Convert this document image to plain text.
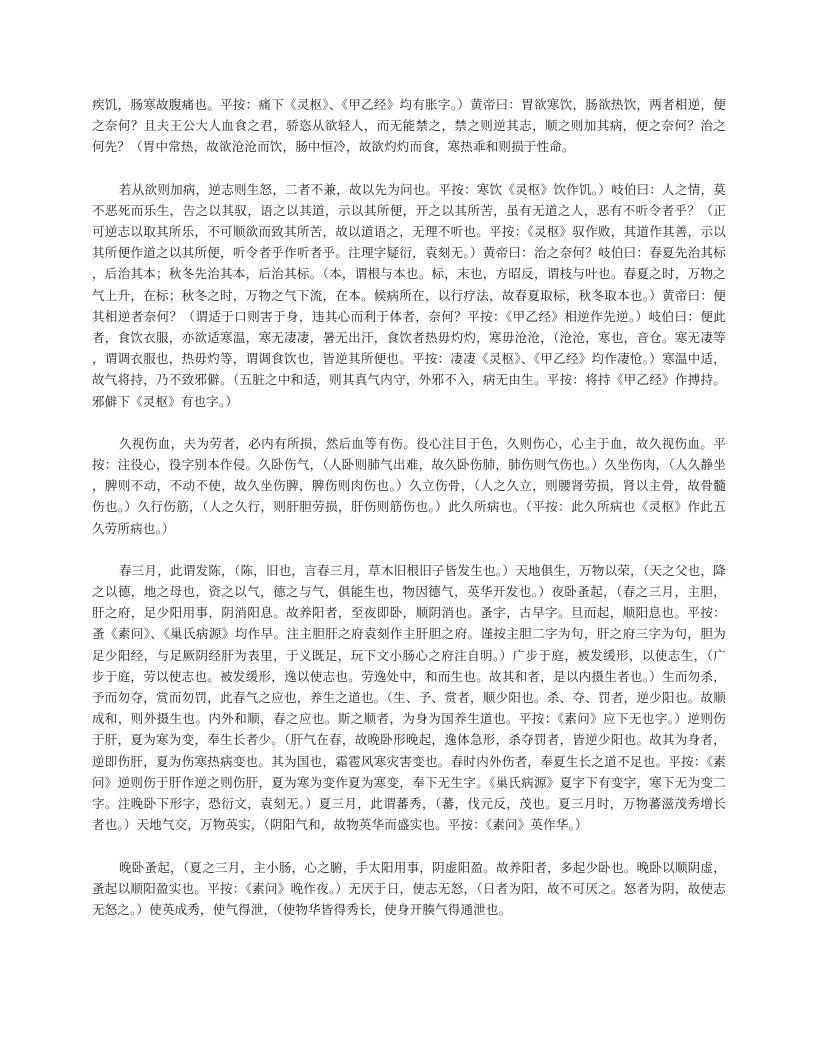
疾饥，肠寒故腹痛也。平按：痛下《灵枢》、《甲乙经》均有胀字。）黄帝曰：胃欲寒饮，肠欲热饮，两者相逆，便之奈何？且夫王公大人血食之君，骄恣从欲轻人，而无能禁之，禁之则逆其志，顺之则加其病，便之奈何？治之何先？（胃中常热，故欲沧沧而饮，肠中恒冷，故欲灼灼而食，寒热乖和则损于性命。

若从欲则加病，逆志则生怒，二者不兼，故以先为问也。平按：寒饮《灵枢》饮作饥。）岐伯曰：人之情，莫不恶死而乐生，告之以其驭，语之以其道，示以其所便，开之以其所苦，虽有无道之人，恶有不听令者乎？（正可逆志以取其所乐，不可顺欲而致其所苦，故以道语之，无理不听也。平按：《灵枢》驭作败，其道作其善，示以其所便作道之以其所便，听令者乎作听者乎。注理字疑衍，袁刻无。）黄帝曰：治之奈何？岐伯曰：春夏先治其标，后治其本；秋冬先治其本，后治其标。（本，谓根与本也。标，末也，方昭反，谓枝与叶也。春夏之时，万物之气上升，在标；秋冬之时，万物之气下流，在本。候病所在，以行疗法，故春夏取标，秋冬取本也。）黄帝曰：便其相逆者奈何？（谓适于口则害于身，违其心而利于体者，奈何？平按：《甲乙经》相逆作先逆。）岐伯曰：便此者，食饮衣服，亦欲适寒温，寒无凄凄，暑无出汗，食饮者热毋灼灼，寒毋沧沧，（沧沧，寒也，音仓。寒无凄等，谓调衣服也，热毋灼等，谓调食饮也，皆逆其所便也。平按：凄凄《灵枢》、《甲乙经》均作凄怆。）寒温中适，故气将持，乃不致邪僻。（五脏之中和适，则其真气内守，外邪不入，病无由生。平按：将持《甲乙经》作搏持。邪僻下《灵枢》有也字。）

久视伤血，夫为劳者，必内有所损，然后血等有伤。役心注目于色，久则伤心，心主于血，故久视伤血。平按：注役心，役字别本作侵。久卧伤气，（人卧则肺气出难，故久卧伤肺，肺伤则气伤也。）久坐伤肉，（人久静坐，脾则不动，不动不使，故久坐伤脾，脾伤则肉伤也。）久立伤骨，（人之久立，则腰肾劳损，肾以主骨，故骨髓伤也。）久行伤筋，（人之久行，则肝胆劳损，肝伤则筋伤也。）此久所病也。（平按：此久所病也《灵枢》作此五久劳所病也。）

春三月，此谓发陈，（陈，旧也，言春三月，草木旧根旧子皆发生也。）天地俱生，万物以荣，（天之父也，降之以德，地之母也，资之以气，德之与气，俱能生也，物因德气，英华开发也。）夜卧蚤起，（春之三月，主胆，肝之府，足少阳用事，阴消阳息。故养阳者，至夜即卧，顺阴消也。蚤字，古早字。旦而起，顺阳息也。平按：蚤《素问》、《巢氏病源》均作早。注主胆肝之府袁刻作主肝胆之府。谨按主胆二字为句，肝之府三字为句，胆为足少阳经，与足厥阴经肝为表里，于义既足，玩下文小肠心之府注自明。）广步于庭，被发缓形，以使志生，（广步于庭，劳以使志也。被发缓形，逸以使志也。劳逸处中，和而生也。故其和者，是以内摄生者也。）生而勿杀，予而勿夺，赏而勿罚，此春气之应也，养生之道也。（生、予、赏者，顺少阳也。杀、夺、罚者，逆少阳也。故顺成和，则外摄生也。内外和顺，春之应也。斯之顺者，为身为国养生道也。平按：《素问》应下无也字。）逆则伤于肝，夏为寒为变，奉生长者少。（肝气在春，故晚卧形晚起，逸体急形，杀夺罚者，皆逆少阳也。故其为身者，逆即伤肝，夏为伤寒热病变也。其为国也，霜雹风寒灾害变也。春时内外伤者，奉夏生长之道不足也。平按：《素问》逆则伤于肝作逆之则伤肝，夏为寒为变作夏为寒变，奉下无生字。《巢氏病源》夏字下有变字，寒下无为变二字。注晚卧下形字，恐衍文，袁刻无。）夏三月，此谓蕃秀，（蕃，伐元反，茂也。夏三月时，万物蕃滋茂秀增长者也。）天地气交，万物英实，（阴阳气和，故物英华而盛实也。平按：《素问》英作华。）

晚卧蚤起，（夏之三月，主小肠，心之腑，手太阳用事，阴虚阳盈。故养阳者，多起少卧也。晚卧以顺阴虚，蚤起以顺阳盈实也。平按：《素问》晚作夜。）无厌于日，使志无怒，（日者为阳，故不可厌之。怒者为阴，故使志无怒之。）使英成秀，使气得泄，（使物华皆得秀长，使身开腠气得通泄也。
